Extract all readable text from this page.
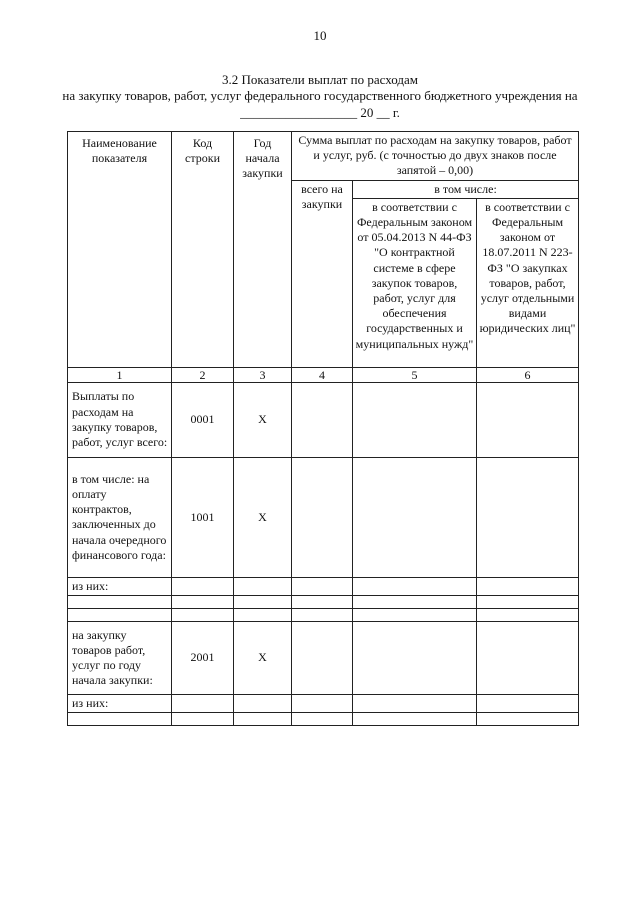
10
3.2 Показатели выплат по расходам
на закупку товаров, работ, услуг федерального государственного бюджетного учреждения на
__________________ 20 __ г.
Наименование показателя	Код строки	Год начала закупки	Сумма выплат по расходам на закупку товаров, работ и услуг, руб. (с точностью до двух знаков после запятой – 0,00)		
			всего на закупки	в том числе:	
				в соответствии с Федеральным законом от 05.04.2013 N 44-ФЗ "О контрактной системе в сфере закупок товаров, работ, услуг для обеспечения государственных и муниципальных нужд"	в соответствии с Федеральным законом от 18.07.2011 N 223-ФЗ "О закупках товаров, работ, услуг отдельными видами юридических лиц"
1	2	3	4	5	6
Выплаты по расходам на закупку товаров, работ, услуг всего:	0001	X			
в том числе: на оплату контрактов, заключенных до начала очередного финансового года:	1001	X			
из них:					

на закупку товаров работ, услуг по году начала закупки:	2001	X			
из них:					
